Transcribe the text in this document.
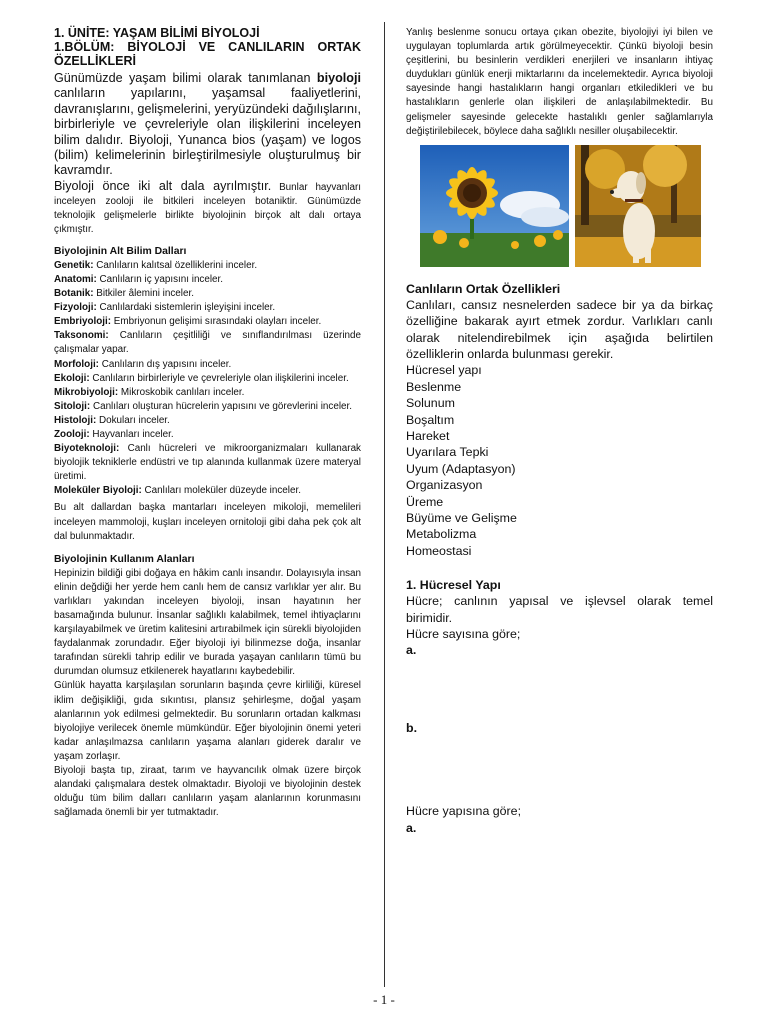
1. ÜNİTE: YAŞAM BİLİMİ BİYOLOJİ

1.BÖLÜM: BİYOLOJİ VE CANLILARIN ORTAK ÖZELLİKLERİ

Günümüzde yaşam bilimi olarak tanımlanan biyoloji canlıların yapılarını, yaşamsal faaliyetlerini, davranışlarını, gelişmelerini, yeryüzündeki dağılışlarını, birbirleriyle ve çevreleriyle olan ilişkilerini inceleyen bilim dalıdır. Biyoloji, Yunanca bios (yaşam) ve logos (bilim) kelimelerinin birleştirilmesiyle oluşturulmuş bir kavramdır.

Biyoloji önce iki alt dala ayrılmıştır. Bunlar hayvanları inceleyen zooloji ile bitkileri inceleyen botaniktir. Günümüzde teknolojik gelişmelerle birlikte biyolojinin birçok alt dalı ortaya çıkmıştır.

Biyolojinin Alt Bilim Dalları

Genetik: Canlıların kalıtsal özelliklerini inceler.

Anatomi: Canlıların iç yapısını inceler.

Botanik: Bitkiler âlemini inceler.

Fizyoloji: Canlılardaki sistemlerin işleyişini inceler.

Embriyoloji: Embriyonun gelişimi sırasındaki olayları inceler.

Taksonomi: Canlıların çeşitliliği ve sınıflandırılması üzerinde çalışmalar yapar.

Morfoloji: Canlıların dış yapısını inceler.

Ekoloji: Canlıların birbirleriyle ve çevreleriyle olan ilişkilerini inceler.

Mikrobiyoloji: Mikroskobik canlıları inceler.

Sitoloji: Canlıları oluşturan hücrelerin yapısını ve görevlerini inceler.

Histoloji: Dokuları inceler.

Zooloji: Hayvanları inceler.

Biyoteknoloji: Canlı hücreleri ve mikroorganizmaları kullanarak biyolojik tekniklerle endüstri ve tıp alanında kullanmak üzere materyal üretimi.

Moleküler Biyoloji: Canlıları moleküler düzeyde inceler.

Bu alt dallardan başka mantarları inceleyen mikoloji, memelileri inceleyen mammoloji, kuşları inceleyen ornitoloji gibi daha pek çok alt dal bulunmaktadır.

Biyolojinin Kullanım Alanları

Hepinizin bildiği gibi doğaya en hâkim canlı insandır. Dolayısıyla insan elinin değdiği her yerde hem canlı hem de cansız varlıklar yer alır. Bu varlıkları yakından inceleyen biyoloji, insan hayatının her basamağında bulunur. İnsanlar sağlıklı kalabilmek, temel ihtiyaçlarını karşılayabilmek ve üretim kalitesini artırabilmek için sürekli biyolojiden faydalanmak zorundadır. Eğer biyoloji iyi bilinmezse doğa, insanlar tarafından sürekli tahrip edilir ve burada yaşayan canlıların tümü bu durumdan olumsuz etkilenerek hayatlarını kaybedebilir.

Günlük hayatta karşılaşılan sorunların başında çevre kirliliği, küresel iklim değişikliği, gıda sıkıntısı, plansız şehirleşme, doğal yaşam alanlarının yok edilmesi gelmektedir. Bu sorunların ortadan kalkması biyolojiye verilecek önemle mümkündür. Eğer biyolojinin önemi yeteri kadar anlaşılmazsa canlıların yaşama alanları giderek daralır ve yaşam zorlaşır.

Biyoloji başta tıp, ziraat, tarım ve hayvancılık olmak üzere birçok alandaki çalışmalara destek olmaktadır. Biyoloji ve biyolojinin destek olduğu tüm bilim dalları canlıların yaşam alanlarının korunmasını sağlamada önemli bir yer tutmaktadır.

Yanlış beslenme sonucu ortaya çıkan obezite, biyolojiyi iyi bilen ve uygulayan toplumlarda artık görülmeyecektir. Çünkü biyoloji besin çeşitlerini, bu besinlerin verdikleri enerjileri ve insanların ihtiyaç duydukları günlük enerji miktarlarını da incelemektedir. Ayrıca biyoloji sayesinde hangi hastalıkların hangi organları etkiledikleri ve bu hastalıkların genlerle olan ilişkileri de anlaşılabilmektedir. Bu gelişmeler sayesinde gelecekte hastalıklı genler sağlamlarıyla değiştirilebilecek, böylece daha sağlıklı nesiller oluşabilecektir.

Canlıların Ortak Özellikleri

Canlıları, cansız nesnelerden sadece bir ya da birkaç özelliğine bakarak ayırt etmek zordur. Varlıkları canlı olarak nitelendirebilmek için aşağıda belirtilen özelliklerin onlarda bulunması gerekir.

Hücresel yapı

Beslenme

Solunum

Boşaltım

Hareket

Uyarılara Tepki

Uyum (Adaptasyon)

Organizasyon

Üreme

Büyüme ve Gelişme

Metabolizma

Homeostasi

1. Hücresel Yapı

Hücre; canlının yapısal ve işlevsel olarak temel birimidir.

Hücre sayısına göre;

a.

b.

Hücre yapısına göre;

a.

- 1 -
